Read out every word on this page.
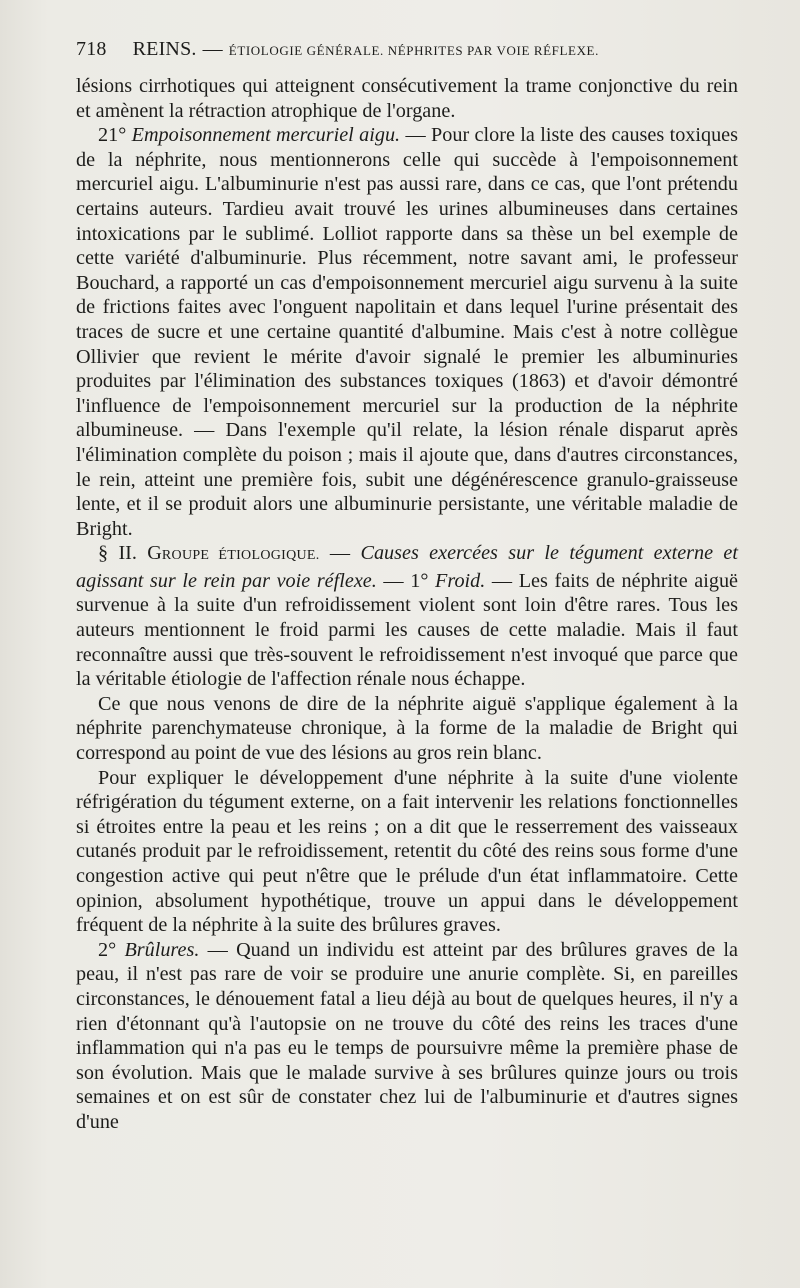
718 REINS. — ÉTIOLOGIE GÉNÉRALE. NÉPHRITES PAR VOIE RÉFLEXE.

lésions cirrhotiques qui atteignent consécutivement la trame conjonctive du rein et amènent la rétraction atrophique de l'organe.

21° Empoisonnement mercuriel aigu. — Pour clore la liste des causes toxiques de la néphrite, nous mentionnerons celle qui succède à l'empoisonnement mercuriel aigu. L'albuminurie n'est pas aussi rare, dans ce cas, que l'ont prétendu certains auteurs. Tardieu avait trouvé les urines albumineuses dans certaines intoxications par le sublimé. Lolliot rapporte dans sa thèse un bel exemple de cette variété d'albuminurie. Plus récemment, notre savant ami, le professeur Bouchard, a rapporté un cas d'empoisonnement mercuriel aigu survenu à la suite de frictions faites avec l'onguent napolitain et dans lequel l'urine présentait des traces de sucre et une certaine quantité d'albumine. Mais c'est à notre collègue Ollivier que revient le mérite d'avoir signalé le premier les albuminuries produites par l'élimination des substances toxiques (1863) et d'avoir démontré l'influence de l'empoisonnement mercuriel sur la production de la néphrite albumineuse. — Dans l'exemple qu'il relate, la lésion rénale disparut après l'élimination complète du poison ; mais il ajoute que, dans d'autres circonstances, le rein, atteint une première fois, subit une dégénérescence granulo-graisseuse lente, et il se produit alors une albuminurie persistante, une véritable maladie de Bright.

§ II. GROUPE ÉTIOLOGIQUE. — Causes exercées sur le tégument externe et agissant sur le rein par voie réflexe. — 1° Froid. — Les faits de néphrite aiguë survenue à la suite d'un refroidissement violent sont loin d'être rares. Tous les auteurs mentionnent le froid parmi les causes de cette maladie. Mais il faut reconnaître aussi que très-souvent le refroidissement n'est invoqué que parce que la véritable étiologie de l'affection rénale nous échappe.

Ce que nous venons de dire de la néphrite aiguë s'applique également à la néphrite parenchymateuse chronique, à la forme de la maladie de Bright qui correspond au point de vue des lésions au gros rein blanc.

Pour expliquer le développement d'une néphrite à la suite d'une violente réfrigération du tégument externe, on a fait intervenir les relations fonctionnelles si étroites entre la peau et les reins ; on a dit que le resserrement des vaisseaux cutanés produit par le refroidissement, retentit du côté des reins sous forme d'une congestion active qui peut n'être que le prélude d'un état inflammatoire. Cette opinion, absolument hypothétique, trouve un appui dans le développement fréquent de la néphrite à la suite des brûlures graves.

2° Brûlures. — Quand un individu est atteint par des brûlures graves de la peau, il n'est pas rare de voir se produire une anurie complète. Si, en pareilles circonstances, le dénouement fatal a lieu déjà au bout de quelques heures, il n'y a rien d'étonnant qu'à l'autopsie on ne trouve du côté des reins les traces d'une inflammation qui n'a pas eu le temps de poursuivre même la première phase de son évolution. Mais que le malade survive à ses brûlures quinze jours ou trois semaines et on est sûr de constater chez lui de l'albuminurie et d'autres signes d'une
